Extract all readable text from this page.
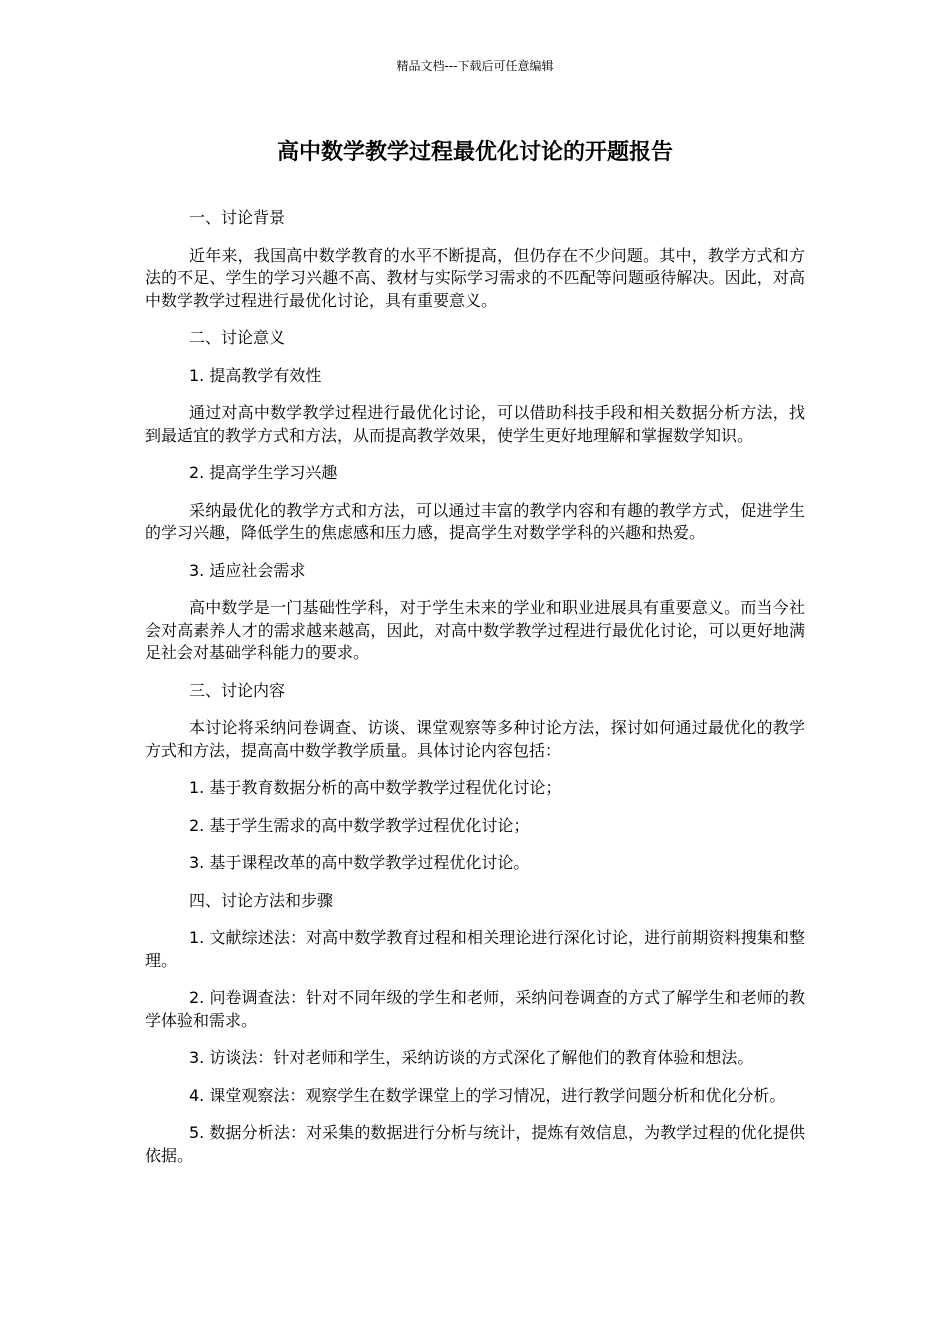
精品文档---下载后可任意编辑
高中数学教学过程最优化讨论的开题报告

一、讨论背景

近年来，我国高中数学教育的水平不断提高，但仍存在不少问题。其中，教学方式和方法的不足、学生的学习兴趣不高、教材与实际学习需求的不匹配等问题亟待解决。因此，对高中数学教学过程进行最优化讨论，具有重要意义。

二、讨论意义

1. 提高教学有效性

通过对高中数学教学过程进行最优化讨论，可以借助科技手段和相关数据分析方法，找到最适宜的教学方式和方法，从而提高教学效果，使学生更好地理解和掌握数学知识。

2. 提高学生学习兴趣

采纳最优化的教学方式和方法，可以通过丰富的教学内容和有趣的教学方式，促进学生的学习兴趣，降低学生的焦虑感和压力感，提高学生对数学学科的兴趣和热爱。

3. 适应社会需求

高中数学是一门基础性学科，对于学生未来的学业和职业进展具有重要意义。而当今社会对高素养人才的需求越来越高，因此，对高中数学教学过程进行最优化讨论，可以更好地满足社会对基础学科能力的要求。

三、讨论内容

本讨论将采纳问卷调查、访谈、课堂观察等多种讨论方法，探讨如何通过最优化的教学方式和方法，提高高中数学教学质量。具体讨论内容包括：

1. 基于教育数据分析的高中数学教学过程优化讨论；

2. 基于学生需求的高中数学教学过程优化讨论；

3. 基于课程改革的高中数学教学过程优化讨论。

四、讨论方法和步骤

1. 文献综述法：对高中数学教育过程和相关理论进行深化讨论，进行前期资料搜集和整理。

2. 问卷调查法：针对不同年级的学生和老师，采纳问卷调查的方式了解学生和老师的教学体验和需求。

3. 访谈法：针对老师和学生，采纳访谈的方式深化了解他们的教育体验和想法。

4. 课堂观察法：观察学生在数学课堂上的学习情况，进行教学问题分析和优化分析。

5. 数据分析法：对采集的数据进行分析与统计，提炼有效信息，为教学过程的优化提供依据。
